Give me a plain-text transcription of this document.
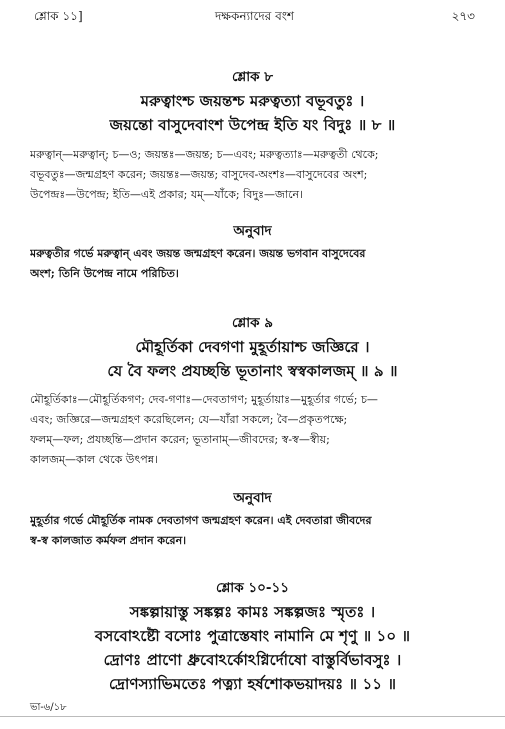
শ্লোক ১১]	দক্ষকন্যাদের বংশ	২৭৩
শ্লোক ৮
মরুত্বাংশ্চ জয়ন্তশ্চ মরুত্বত্যা বভূবতুঃ ।
জয়ন্তো বাসুদেবাংশ উপেন্দ্র ইতি যং বিদুঃ ॥ ৮ ॥
মরুত্বান্—মরুত্বান্; চ—ও; জয়ন্তঃ—জয়ন্ত; চ—এবং; মরুত্বত্যাঃ—মরুত্বতী থেকে;
বভূবতুঃ—জন্মগ্রহণ করেন; জয়ন্তঃ—জয়ন্ত; বাসুদেব-অংশঃ—বাসুদেবের অংশ;
উপেন্দ্রঃ—উপেন্দ্র; ইতি—এই প্রকার; যম্—যাঁকে; বিদুঃ—জানে।
অনুবাদ
মরুত্বতীর গর্ভে মরুত্বান্ এবং জয়ন্ত জন্মগ্রহণ করেন। জয়ন্ত ভগবান বাসুদেবের
অংশ; তিনি উপেন্দ্র নামে পরিচিত।
শ্লোক ৯
মৌহূর্তিকা দেবগণা মুহূর্তায়াশ্চ জজ্ঞিরে ।
যে বৈ ফলং প্রযচ্ছন্তি ভূতানাং স্বস্বকালজম্ ॥ ৯ ॥
মৌহূর্তিকাঃ—মৌহূর্তিকগণ; দেব-গণাঃ—দেবতাগণ; মুহূর্তায়াঃ—মুহূর্তার গর্ভে; চ—
এবং; জজ্ঞিরে—জন্মগ্রহণ করেছিলেন; যে—যাঁরা সকলে; বৈ—প্রকৃতপক্ষে;
ফলম্—ফল; প্রযচ্ছন্তি—প্রদান করেন; ভূতানাম্—জীবদের; স্ব-স্ব—স্বীয়;
কালজম্—কাল থেকে উৎপন্ন।
অনুবাদ
মুহূর্তার গর্ভে মৌহূর্তিক নামক দেবতাগণ জন্মগ্রহণ করেন। এই দেবতারা জীবদের
স্ব-স্ব কালজাত কর্মফল প্রদান করেন।
শ্লোক ১০-১১
সঙ্কল্পায়াস্তু সঙ্কল্পঃ কামঃ সঙ্কল্পজঃ স্মৃতঃ ।
বসবোঽষ্টৌ বসোঃ পুত্রাস্তেষাং নামানি মে শৃণু ॥ ১০ ॥
দ্রোণঃ প্রাণো ধ্রুবোঽর্কোঽগ্নির্দোষো বাস্তুর্বিভাবসুঃ ।
দ্রোণস্যাভিমতেঃ পত্ন্যা হর্ষশোকভয়াদয়ঃ ॥ ১১ ॥
ভা-৬/১৮
